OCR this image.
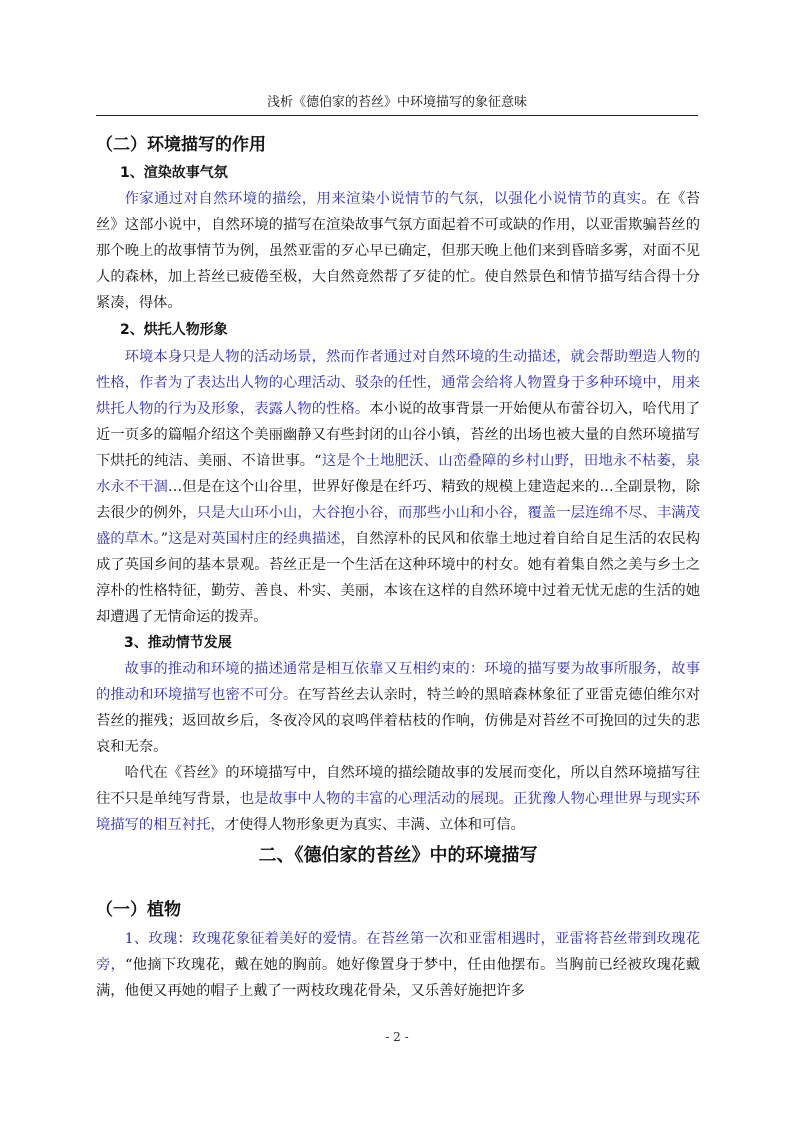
浅析《德伯家的苔丝》中环境描写的象征意味
（二）环境描写的作用
1、渲染故事气氛

作家通过对自然环境的描绘，用来渲染小说情节的气氛，以强化小说情节的真实。在《苔丝》这部小说中，自然环境的描写在渲染故事气氛方面起着不可或缺的作用，以亚雷欺骗苔丝的那个晚上的故事情节为例，虽然亚雷的歹心早已确定，但那天晚上他们来到昏暗多雾，对面不见人的森林，加上苔丝已疲倦至极，大自然竟然帮了歹徒的忙。使自然景色和情节描写结合得十分紧凑，得体。

2、烘托人物形象

环境本身只是人物的活动场景，然而作者通过对自然环境的生动描述，就会帮助塑造人物的性格，作者为了表达出人物的心理活动、驳杂的任性，通常会给将人物置身于多种环境中，用来烘托人物的行为及形象，表露人物的性格。本小说的故事背景一开始便从布蕾谷切入，哈代用了近一页多的篇幅介绍这个美丽幽静又有些封闭的山谷小镇，苔丝的出场也被大量的自然环境描写下烘托的纯洁、美丽、不谙世事。“这是个土地肥沃、山峦叠障的乡村山野，田地永不枯萎，泉水永不干涸…但是在这个山谷里，世界好像是在纤巧、精致的规模上建造起来的…全副景物，除去很少的例外，只是大山环小山，大谷抱小谷，而那些小山和小谷，覆盖一层连绵不尽、丰满茂盛的草木。”这是对英国村庄的经典描述，自然淳朴的民风和依靠土地过着自给自足生活的农民构成了英国乡间的基本景观。苔丝正是一个生活在这种环境中的村女。她有着集自然之美与乡土之淳朴的性格特征，勤劳、善良、朴实、美丽，本该在这样的自然环境中过着无忧无虑的生活的她却遭遇了无情命运的拨弄。

3、推动情节发展

故事的推动和环境的描述通常是相互依靠又互相约束的：环境的描写要为故事所服务，故事的推动和环境描写也密不可分。在写苔丝去认亲时，特兰岭的黑暗森林象征了亚雷克德伯维尔对苔丝的摧残；返回故乡后，冬夜冷风的哀鸣伴着枯枝的作响，仿佛是对苔丝不可挽回的过失的悲哀和无奈。

哈代在《苔丝》的环境描写中，自然环境的描绘随故事的发展而变化，所以自然环境描写往往不只是单纯写背景，也是故事中人物的丰富的心理活动的展现。正犹豫人物心理世界与现实环境描写的相互衬托，才使得人物形象更为真实、丰满、立体和可信。

二、《德伯家的苔丝》中的环境描写
（一）植物

1、玫瑰：玫瑰花象征着美好的爱情。在苔丝第一次和亚雷相遇时，亚雷将苔丝带到玫瑰花旁，“他摘下玫瑰花，戴在她的胸前。她好像置身于梦中，任由他摆布。当胸前已经被玫瑰花戴满，他便又再她的帽子上戴了一两枝玫瑰花骨朵，又乐善好施把许多

- 2 -
